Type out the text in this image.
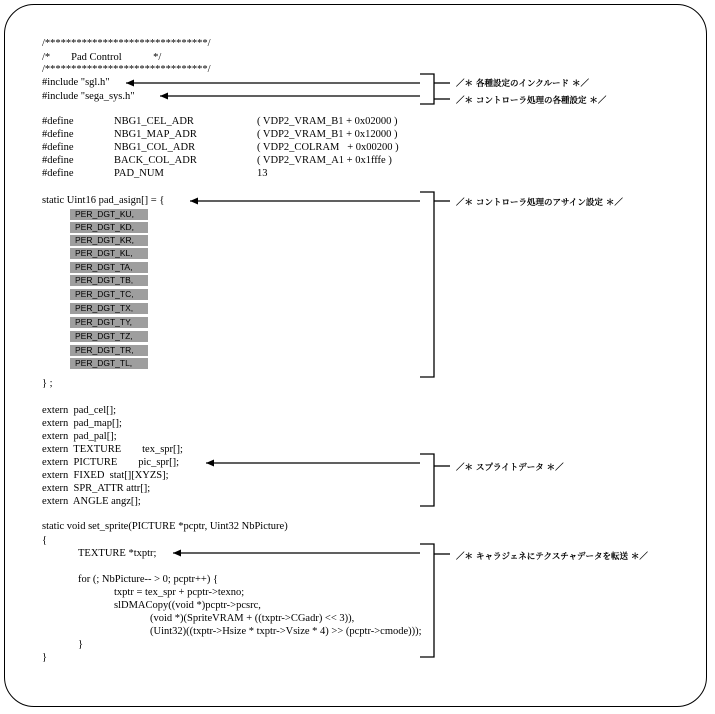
/*******************************/
/*        Pad Control            */
/*******************************/
#include "sgl.h"
#include "sega_sys.h"
#define	NBG1_CEL_ADR	( VDP2_VRAM_B1 + 0x02000 )
#define	NBG1_MAP_ADR	( VDP2_VRAM_B1 + 0x12000 )
#define	NBG1_COL_ADR	( VDP2_COLRAM   + 0x00200 )
#define	BACK_COL_ADR	( VDP2_VRAM_A1 + 0x1fffe )
#define	PAD_NUM	13
static Uint16 pad_asign[] = {
PER_DGT_KU,
PER_DGT_KD,
PER_DGT_KR,
PER_DGT_KL,
PER_DGT_TA,
PER_DGT_TB,
PER_DGT_TC,
PER_DGT_TX,
PER_DGT_TY,
PER_DGT_TZ,
PER_DGT_TR,
PER_DGT_TL,
} ;
extern  pad_cel[];
extern  pad_map[];
extern  pad_pal[];
extern  TEXTURE        tex_spr[];
extern  PICTURE        pic_spr[];
extern  FIXED  stat[][XYZS];
extern  SPR_ATTR attr[];
extern  ANGLE angz[];
static void set_sprite(PICTURE *pcptr, Uint32 NbPicture)
{
TEXTURE *txptr;
for (; NbPicture-- > 0; pcptr++) {
txptr = tex_spr + pcptr->texno;
slDMACopy((void *)pcptr->pcsrc,
(void *)(SpriteVRAM + ((txptr->CGadr) << 3)),
(Uint32)((txptr->Hsize * txptr->Vsize * 4) >> (pcptr->cmode)));
}
}
／＊ 各種設定のインクルード ＊／
／＊ コントローラ処理の各種設定 ＊／
／＊ コントローラ処理のアサイン設定 ＊／
／＊ スプライトデータ ＊／
／＊ キャラジェネにテクスチャデータを転送 ＊／
